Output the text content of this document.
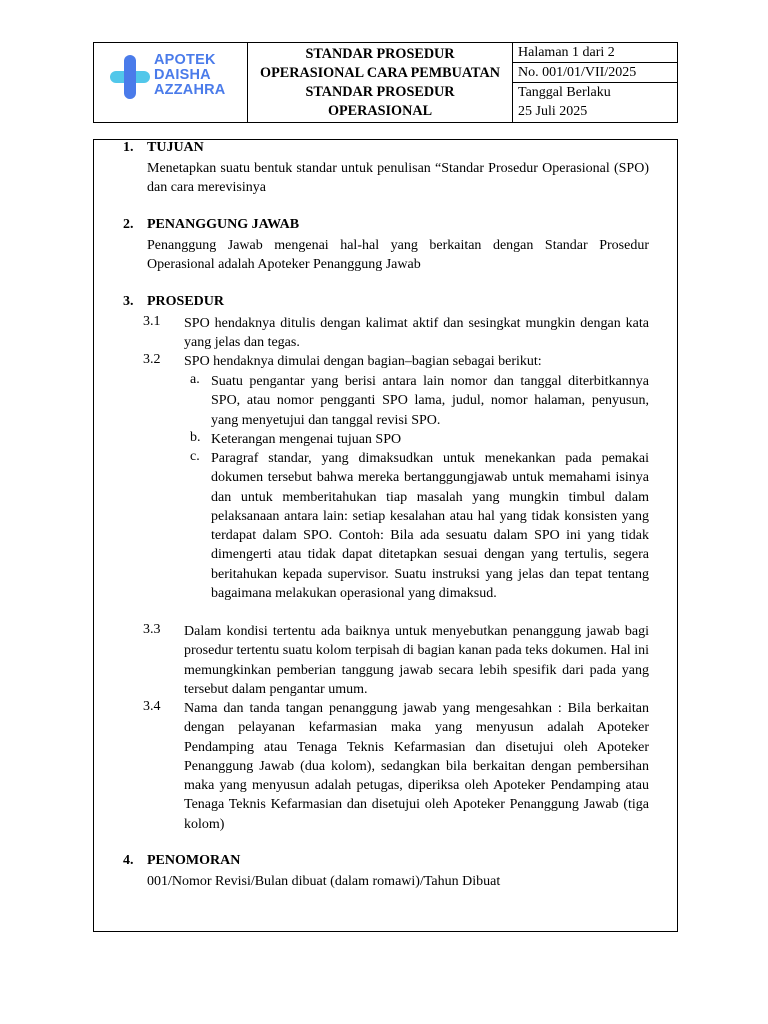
APOTEK
DAISHA
AZZAHRA
STANDAR PROSEDUR OPERASIONAL CARA PEMBUATAN STANDAR PROSEDUR OPERASIONAL
Halaman 1 dari 2
No. 001/01/VII/2025
Tanggal Berlaku
25 Juli 2025
1. TUJUAN
Menetapkan suatu bentuk standar untuk penulisan “Standar Prosedur Operasional (SPO) dan cara merevisinya
2. PENANGGUNG JAWAB
Penanggung Jawab mengenai hal-hal yang berkaitan dengan Standar Prosedur Operasional adalah Apoteker Penanggung Jawab
3. PROSEDUR
3.1 SPO hendaknya ditulis dengan kalimat aktif dan sesingkat mungkin dengan kata yang jelas dan tegas.
3.2 SPO hendaknya dimulai dengan bagian–bagian sebagai berikut:
a. Suatu pengantar yang berisi antara lain nomor dan tanggal diterbitkannya SPO, atau nomor pengganti SPO lama, judul, nomor halaman, penyusun, yang menyetujui dan tanggal revisi SPO.
b. Keterangan mengenai tujuan SPO
c. Paragraf standar, yang dimaksudkan untuk menekankan pada pemakai dokumen tersebut bahwa mereka bertanggungjawab untuk memahami isinya dan untuk memberitahukan tiap masalah yang mungkin timbul dalam pelaksanaan antara lain: setiap kesalahan atau hal yang tidak konsisten yang terdapat dalam SPO. Contoh: Bila ada sesuatu dalam SPO ini yang tidak dimengerti atau tidak dapat ditetapkan sesuai dengan yang tertulis, segera beritahukan kepada supervisor. Suatu instruksi yang jelas dan tepat tentang bagaimana melakukan operasional yang dimaksud.
3.3 Dalam kondisi tertentu ada baiknya untuk menyebutkan penanggung jawab bagi prosedur tertentu suatu kolom terpisah di bagian kanan pada teks dokumen. Hal ini memungkinkan pemberian tanggung jawab secara lebih spesifik dari pada yang tersebut dalam pengantar umum.
3.4 Nama dan tanda tangan penanggung jawab yang mengesahkan : Bila berkaitan dengan pelayanan kefarmasian maka yang menyusun adalah Apoteker Pendamping atau Tenaga Teknis Kefarmasian dan disetujui oleh Apoteker Penanggung Jawab (dua kolom), sedangkan bila berkaitan dengan pembersihan maka yang menyusun adalah petugas, diperiksa oleh Apoteker Pendamping atau Tenaga Teknis Kefarmasian dan disetujui oleh Apoteker Penanggung Jawab (tiga kolom)
4. PENOMORAN
001/Nomor Revisi/Bulan dibuat (dalam romawi)/Tahun Dibuat
